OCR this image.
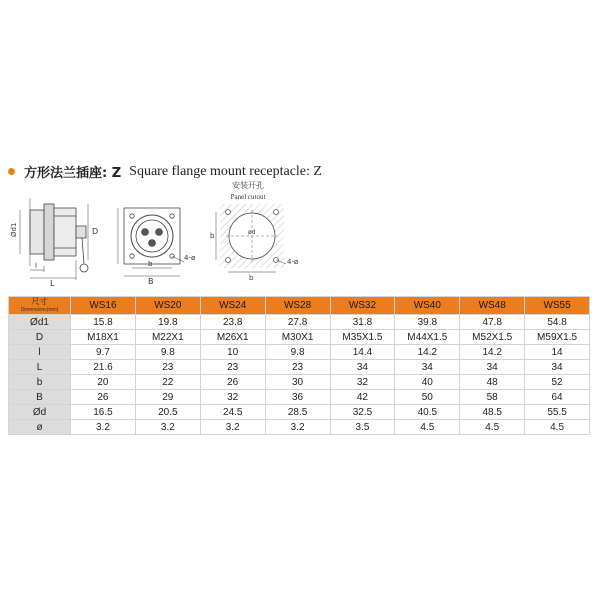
方形法兰插座: Z Square flange mount receptacle: Z
Ød1	D
l
L
b
B
4-ø
安装开孔
Panel cutout
ød
b
b
4-ø
尺寸
Dimensions(mm)	WS16	WS20	WS24	WS28	WS32	WS40	WS48	WS55
Ød1	15.8	19.8	23.8	27.8	31.8	39.8	47.8	54.8
D	M18X1	M22X1	M26X1	M30X1	M35X1.5	M44X1.5	M52X1.5	M59X1.5
l	9.7	9.8	10	9.8	14.4	14.2	14.2	14
L	21.6	23	23	23	34	34	34	34
b	20	22	26	30	32	40	48	52
B	26	29	32	36	42	50	58	64
Ød	16.5	20.5	24.5	28.5	32.5	40.5	48.5	55.5
ø	3.2	3.2	3.2	3.2	3.5	4.5	4.5	4.5
